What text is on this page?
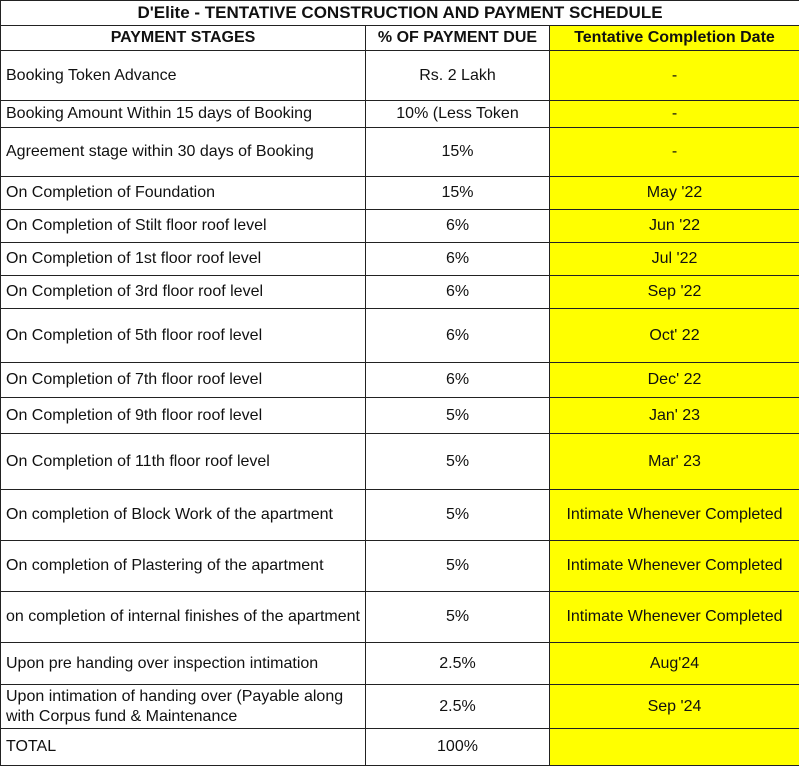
D'Elite - TENTATIVE CONSTRUCTION AND PAYMENT SCHEDULE		
PAYMENT STAGES	% OF PAYMENT DUE	Tentative Completion Date
Booking Token Advance	Rs. 2 Lakh	-
Booking Amount Within 15 days of Booking	10% (Less Token	-
Agreement stage within 30 days of Booking	15%	-
On Completion of Foundation	15%	May '22
On Completion of Stilt floor roof level	6%	Jun '22
On Completion of 1st floor roof level	6%	Jul '22
On Completion of 3rd floor roof level	6%	Sep '22
On Completion of 5th floor roof level	6%	Oct' 22
On Completion of 7th floor roof level	6%	Dec' 22
On Completion of 9th floor roof level	5%	Jan' 23
On Completion of 11th floor roof level	5%	Mar' 23
On completion of Block Work of the apartment	5%	Intimate Whenever Completed
On completion of Plastering of the apartment	5%	Intimate Whenever Completed
on completion of internal finishes of the apartment	5%	Intimate Whenever Completed
Upon pre handing over inspection intimation	2.5%	Aug'24
Upon intimation of handing over (Payable along with Corpus fund & Maintenance	2.5%	Sep '24
TOTAL	100%	
